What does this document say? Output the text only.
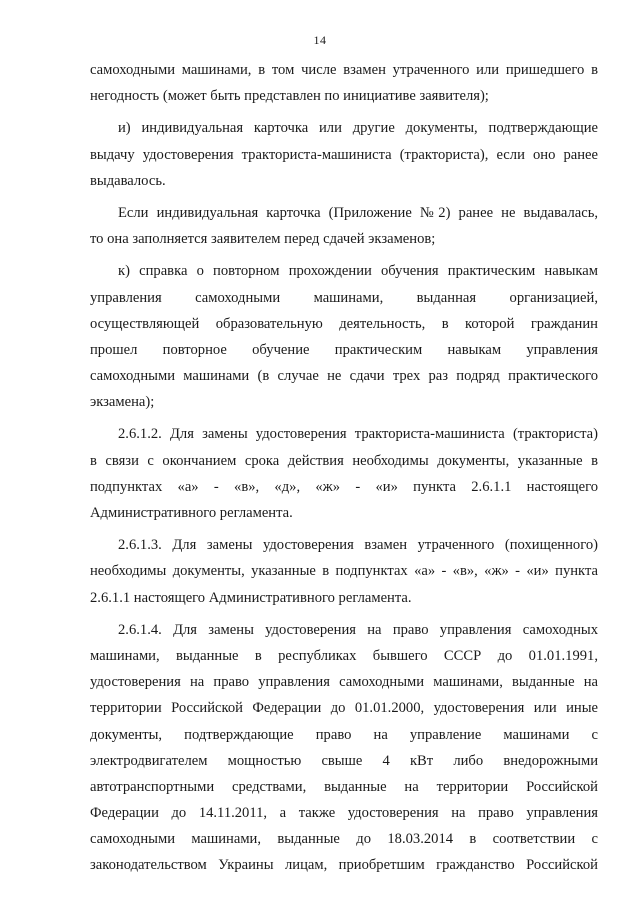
14
самоходными машинами, в том числе взамен утраченного или пришедшего в
негодность (может быть представлен по инициативе заявителя);
и) индивидуальная карточка или другие документы, подтверждающие
выдачу удостоверения тракториста-машиниста (тракториста), если оно ранее
выдавалось.
Если индивидуальная карточка (Приложение №2) ранее не выдавалась,
то она заполняется заявителем перед сдачей экзаменов;
к) справка о повторном прохождении обучения практическим навыкам
управления самоходными машинами, выданная организацией,
осуществляющей образовательную деятельность, в которой гражданин
прошел повторное обучение практическим навыкам управления
самоходными машинами (в случае не сдачи трех раз подряд практического
экзамена);
2.6.1.2. Для замены удостоверения тракториста-машиниста (тракториста)
в связи с окончанием срока действия необходимы документы, указанные в
подпунктах «а» - «в», «д», «ж» - «и» пункта 2.6.1.1 настоящего
Административного регламента.
2.6.1.3. Для замены удостоверения взамен утраченного (похищенного)
необходимы документы, указанные в подпунктах «а» - «в», «ж» - «и» пункта
2.6.1.1 настоящего Административного регламента.
2.6.1.4. Для замены удостоверения на право управления самоходных
машинами, выданные в республиках бывшего СССР до 01.01.1991,
удостоверения на право управления самоходными машинами, выданные на
территории Российской Федерации до 01.01.2000, удостоверения или иные
документы, подтверждающие право на управление машинами с
электродвигателем мощностью свыше 4 кВт либо внедорожными
автотранспортными средствами, выданные на территории Российской
Федерации до 14.11.2011, а также удостоверения на право управления
самоходными машинами, выданные до 18.03.2014 в соответствии с
законодательством Украины лицам, приобретшим гражданство Российской
